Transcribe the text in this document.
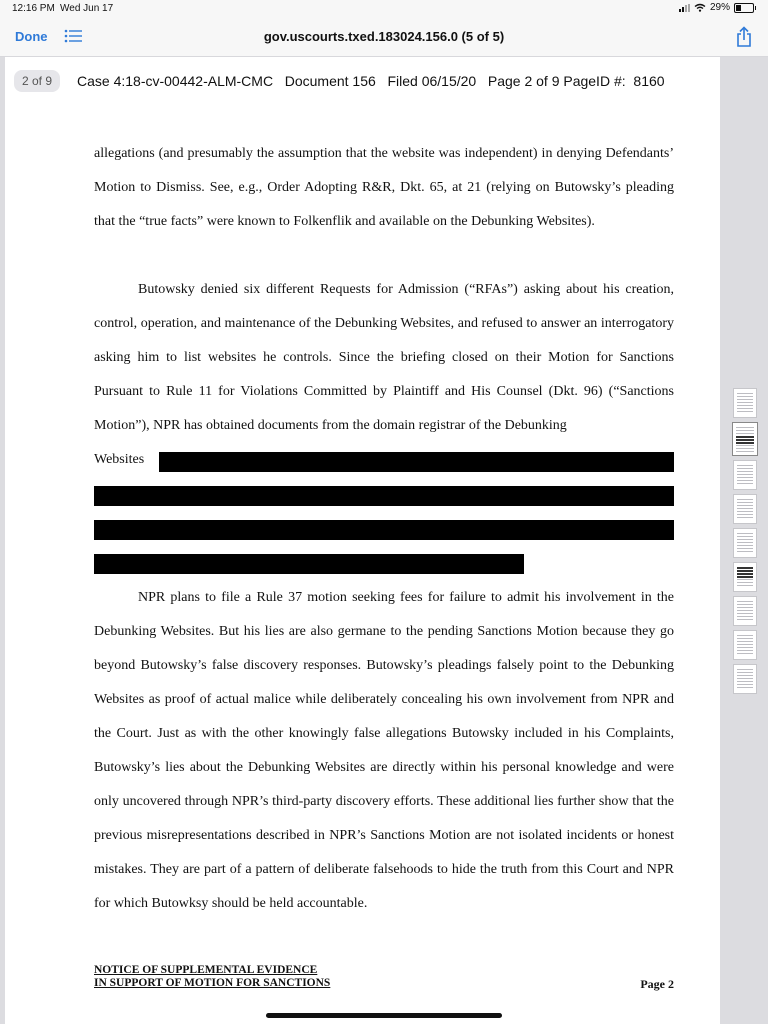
12:16 PM Wed Jun 17	29%
Done	gov.uscourts.txed.183024.156.0 (5 of 5)
Case 4:18-cv-00442-ALM-CMC   Document 156   Filed 06/15/20   Page 2 of 9 PageID #:  8160

allegations (and presumably the assumption that the website was independent) in denying Defendants’ Motion to Dismiss. See, e.g., Order Adopting R&R, Dkt. 65, at 21 (relying on Butowsky’s pleading that the “true facts” were known to Folkenflik and available on the Debunking Websites).

Butowsky denied six different Requests for Admission (“RFAs”) asking about his creation, control, operation, and maintenance of the Debunking Websites, and refused to answer an interrogatory asking him to list websites he controls. Since the briefing closed on their Motion for Sanctions Pursuant to Rule 11 for Violations Committed by Plaintiff and His Counsel (Dkt. 96) (“Sanctions Motion”), NPR has obtained documents from the domain registrar of the Debunking

Websites

NPR plans to file a Rule 37 motion seeking fees for failure to admit his involvement in the Debunking Websites. But his lies are also germane to the pending Sanctions Motion because they go beyond Butowsky’s false discovery responses. Butowsky’s pleadings falsely point to the Debunking Websites as proof of actual malice while deliberately concealing his own involvement from NPR and the Court. Just as with the other knowingly false allegations Butowsky included in his Complaints, Butowsky’s lies about the Debunking Websites are directly within his personal knowledge and were only uncovered through NPR’s third-party discovery efforts. These additional lies further show that the previous misrepresentations described in NPR’s Sanctions Motion are not isolated incidents or honest mistakes. They are part of a pattern of deliberate falsehoods to hide the truth from this Court and NPR for which Butowksy should be held accountable.

NOTICE OF SUPPLEMENTAL EVIDENCE
IN SUPPORT OF MOTION FOR SANCTIONS	Page 2
2 of 9
